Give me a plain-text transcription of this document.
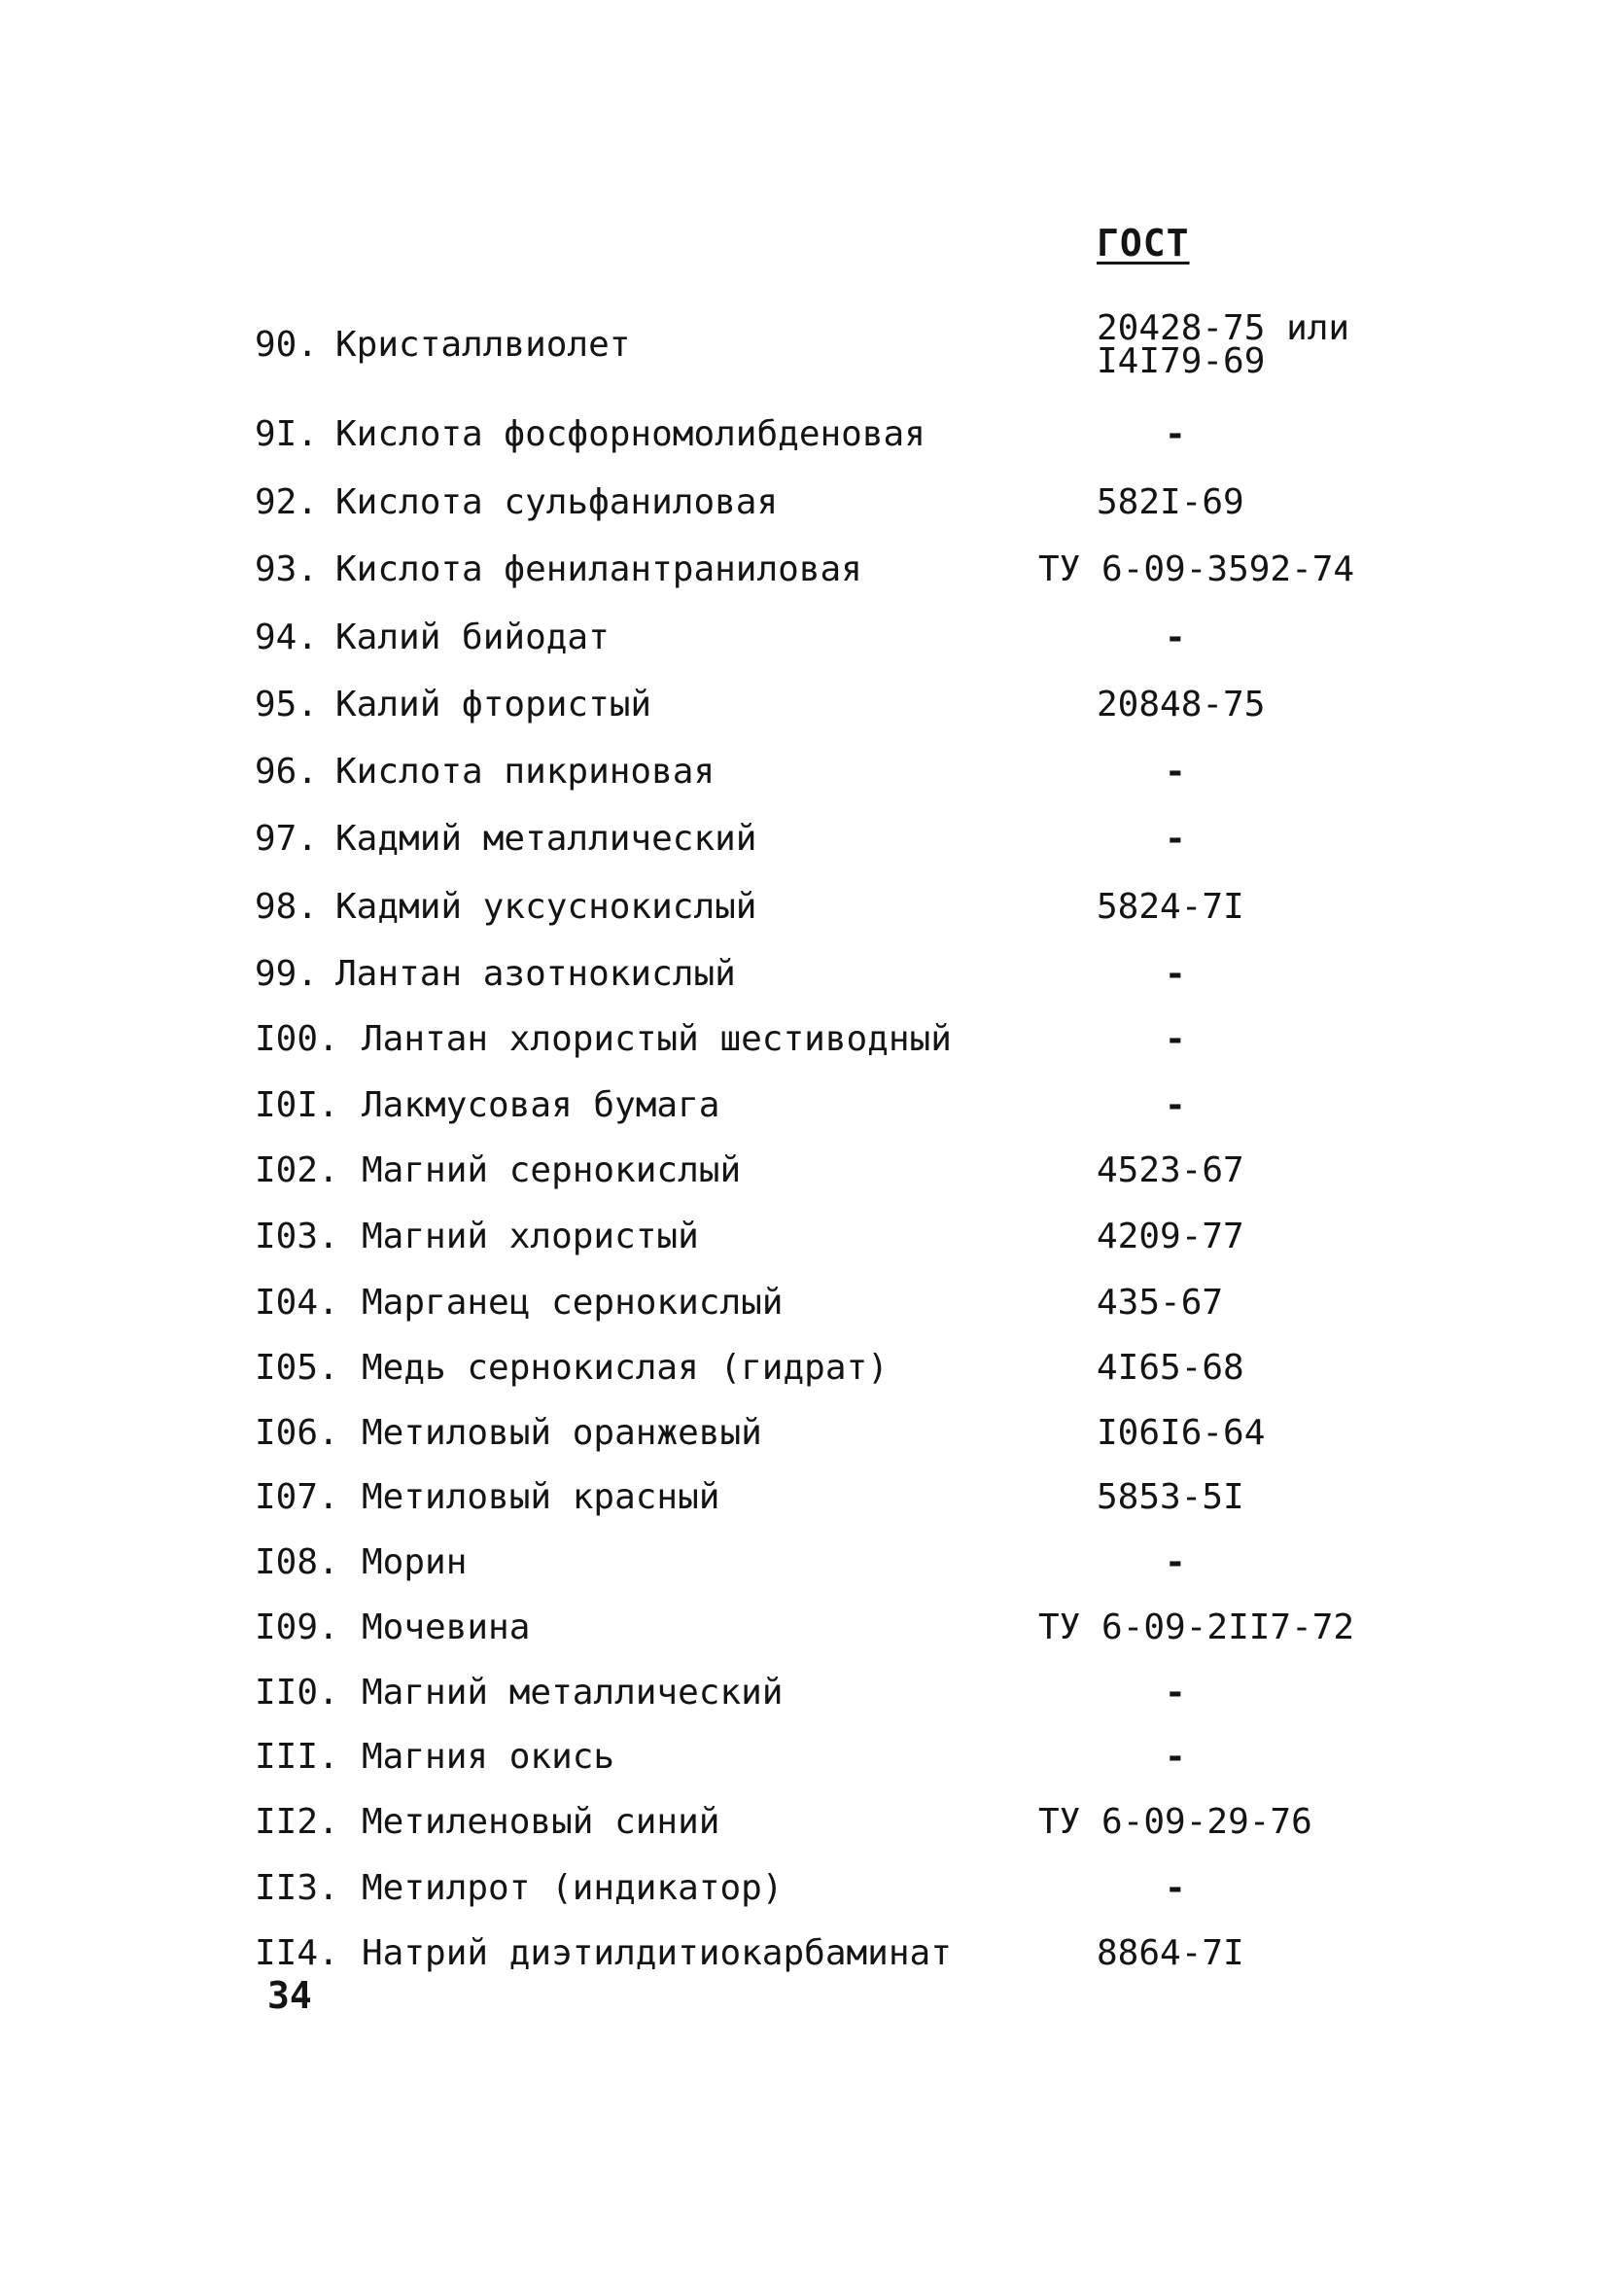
ГОСТ
90. Кристаллвиолет	20428-75 или
I4I79-69
9I. Кислота фосфорномолибденовая	-
92. Кислота сульфаниловая	582I-69
93. Кислота фенилантраниловая	ТУ 6-09-3592-74
94. Калий бийодат	-
95. Калий фтористый	20848-75
96. Кислота пикриновая	-
97. Кадмий металлический	-
98. Кадмий уксуснокислый	5824-7I
99. Лантан азотнокислый	-
I00. Лантан хлористый шестиводный	-
I0I. Лакмусовая бумага	-
I02. Магний сернокислый	4523-67
I03. Магний хлористый	4209-77
I04. Марганец сернокислый	435-67
I05. Медь сернокислая (гидрат)	4I65-68
I06. Метиловый оранжевый	I06I6-64
I07. Метиловый красный	5853-5I
I08. Морин	-
I09. Мочевина	ТУ 6-09-2II7-72
II0. Магний металлический	-
III. Магния окись	-
II2. Метиленовый синий	ТУ 6-09-29-76
II3. Метилрот (индикатор)	-
II4. Натрий диэтилдитиокарбаминат	8864-7I
34
